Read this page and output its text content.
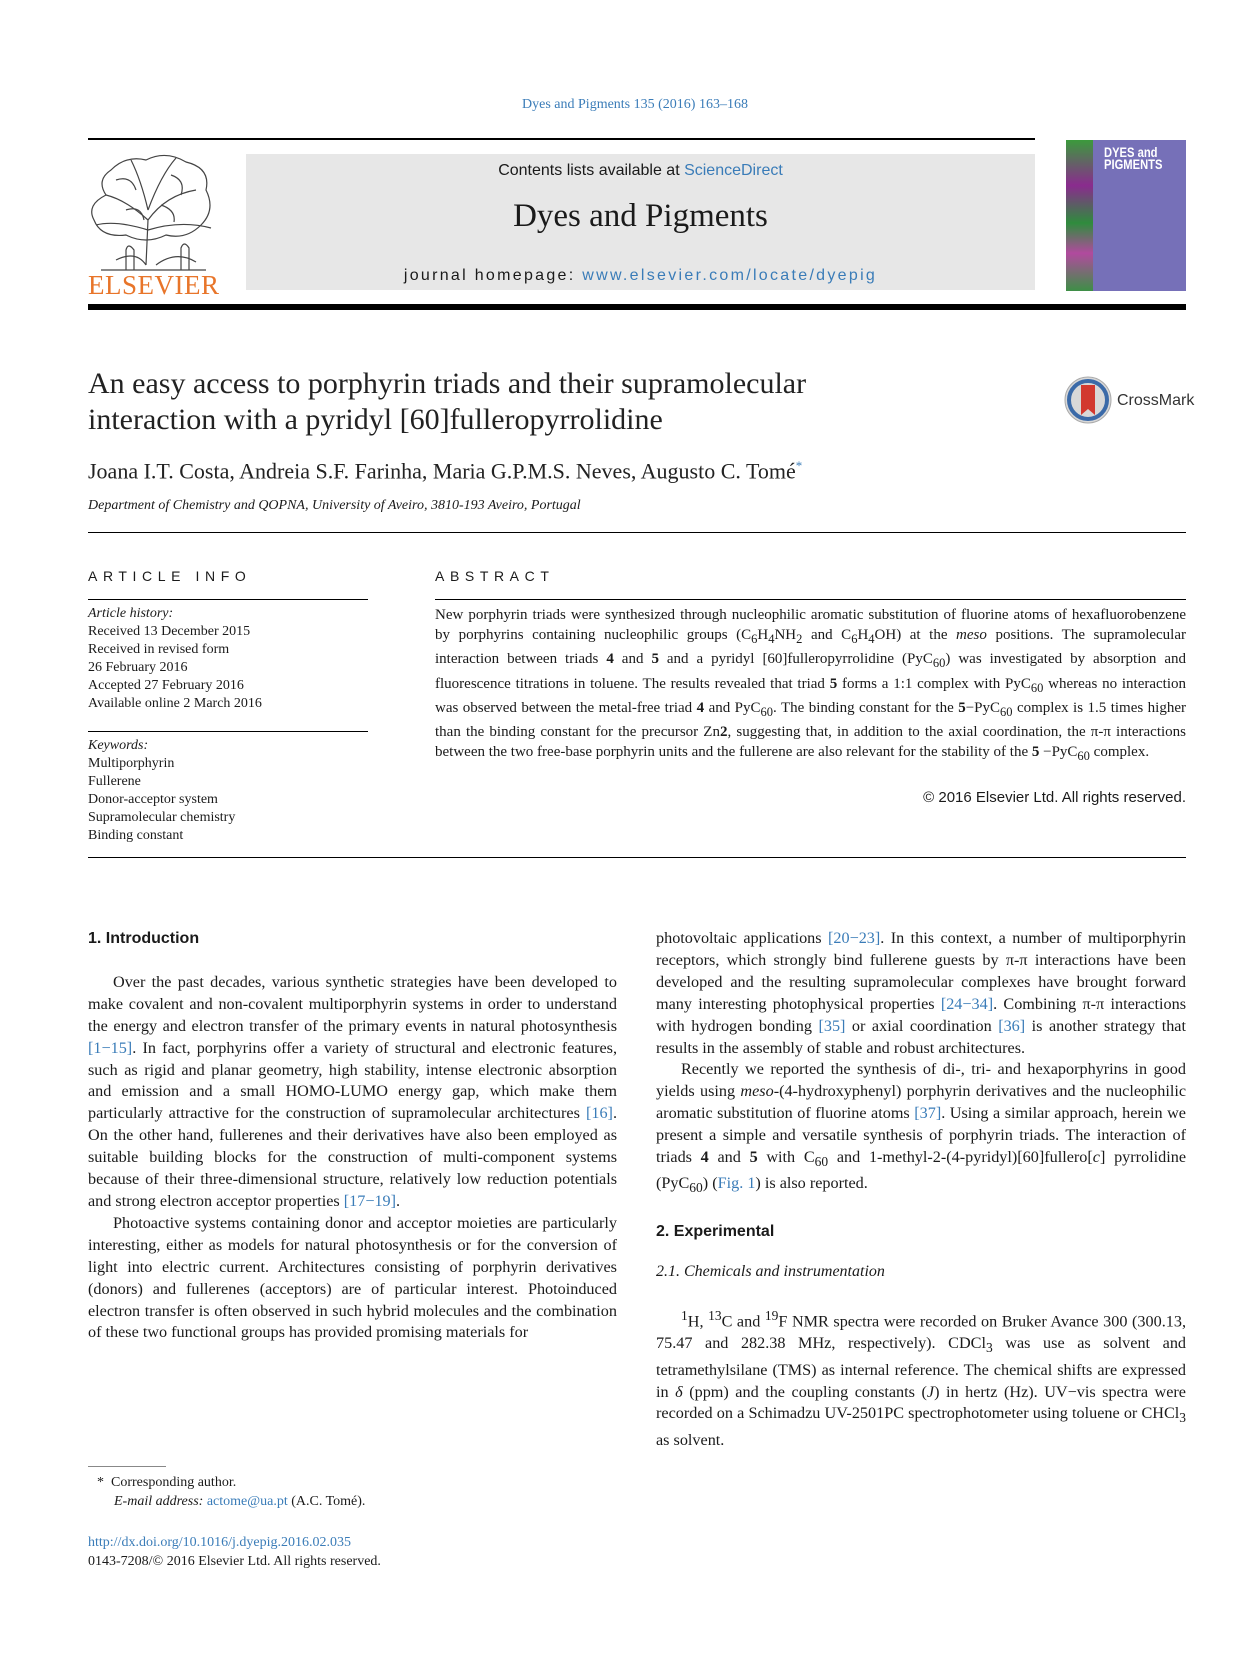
Dyes and Pigments 135 (2016) 163–168
ELSEVIER
Contents lists available at ScienceDirect
Dyes and Pigments
journal homepage: www.elsevier.com/locate/dyepig
DYES and PIGMENTS
An easy access to porphyrin triads and their supramolecular
interaction with a pyridyl [60]fulleropyrrolidine
CrossMark
Joana I.T. Costa, Andreia S.F. Farinha, Maria G.P.M.S. Neves, Augusto C. Tomé*
Department of Chemistry and QOPNA, University of Aveiro, 3810-193 Aveiro, Portugal
ARTICLE INFO
Article history:
Received 13 December 2015
Received in revised form
26 February 2016
Accepted 27 February 2016
Available online 2 March 2016
Keywords:
Multiporphyrin
Fullerene
Donor-acceptor system
Supramolecular chemistry
Binding constant
ABSTRACT
New porphyrin triads were synthesized through nucleophilic aromatic substitution of fluorine atoms of hexafluorobenzene by porphyrins containing nucleophilic groups ($C_6H_4NH_2$ and $C_6H_4OH$) at the meso positions. The supramolecular interaction between triads 4 and 5 and a pyridyl [60]fulleropyrrolidine (PyC$_{60}$) was investigated by absorption and fluorescence titrations in toluene. The results revealed that triad 5 forms a 1:1 complex with PyC$_{60}$ whereas no interaction was observed between the metal-free triad 4 and PyC$_{60}$. The binding constant for the 5−PyC$_{60}$ complex is 1.5 times higher than the binding constant for the precursor Zn2, suggesting that, in addition to the axial coordination, the π-π interactions between the two free-base porphyrin units and the fullerene are also relevant for the stability of the 5 −PyC$_{60}$ complex.
© 2016 Elsevier Ltd. All rights reserved.
1. Introduction

Over the past decades, various synthetic strategies have been developed to make covalent and non-covalent multiporphyrin systems in order to understand the energy and electron transfer of the primary events in natural photosynthesis [1−15]. In fact, porphyrins offer a variety of structural and electronic features, such as rigid and planar geometry, high stability, intense electronic absorption and emission and a small HOMO-LUMO energy gap, which make them particularly attractive for the construction of supramolecular architectures [16]. On the other hand, fullerenes and their derivatives have also been employed as suitable building blocks for the construction of multi-component systems because of their three-dimensional structure, relatively low reduction potentials and strong electron acceptor properties [17−19].

Photoactive systems containing donor and acceptor moieties are particularly interesting, either as models for natural photosynthesis or for the conversion of light into electric current. Architectures consisting of porphyrin derivatives (donors) and fullerenes (acceptors) are of particular interest. Photoinduced electron transfer is often observed in such hybrid molecules and the combination of these two functional groups has provided promising materials for

photovoltaic applications [20−23]. In this context, a number of multiporphyrin receptors, which strongly bind fullerene guests by π-π interactions have been developed and the resulting supramolecular complexes have brought forward many interesting photophysical properties [24−34]. Combining π-π interactions with hydrogen bonding [35] or axial coordination [36] is another strategy that results in the assembly of stable and robust architectures.

Recently we reported the synthesis of di-, tri- and hexaporphyrins in good yields using meso-(4-hydroxyphenyl) porphyrin derivatives and the nucleophilic aromatic substitution of fluorine atoms [37]. Using a similar approach, herein we present a simple and versatile synthesis of porphyrin triads. The interaction of triads 4 and 5 with $C_{60}$ and 1-methyl-2-(4-pyridyl)[60]fullero[c] pyrrolidine (PyC$_{60}$) (Fig. 1) is also reported.

2. Experimental
2.1. Chemicals and instrumentation

$^1$H, $^{13}$C and $^{19}$F NMR spectra were recorded on Bruker Avance 300 (300.13, 75.47 and 282.38 MHz, respectively). CDCl$_3$ was use as solvent and tetramethylsilane (TMS) as internal reference. The chemical shifts are expressed in δ (ppm) and the coupling constants (J) in hertz (Hz). UV−vis spectra were recorded on a Schimadzu UV-2501PC spectrophotometer using toluene or CHCl$_3$ as solvent.

* Corresponding author.
E-mail address: actome@ua.pt (A.C. Tomé).
http://dx.doi.org/10.1016/j.dyepig.2016.02.035
0143-7208/© 2016 Elsevier Ltd. All rights reserved.
